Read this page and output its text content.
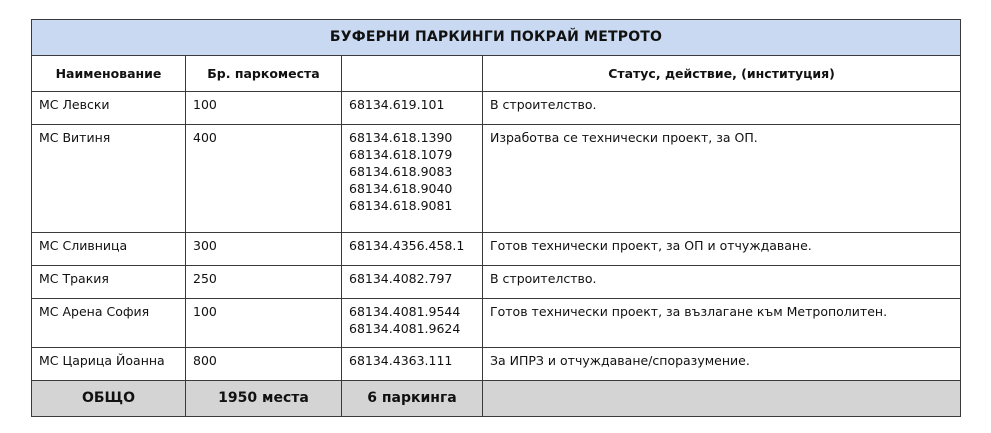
БУФЕРНИ ПАРКИНГИ ПОКРАЙ МЕТРОТО			
Наименование	Бр. паркоместа		Статус, действие, (институция)
МС Левски	100	68134.619.101	В строителство.
МС Витиня	400	68134.618.1390
68134.618.1079
68134.618.9083
68134.618.9040
68134.618.9081	Изработва се технически проект, за ОП.
МС Сливница	300	68134.4356.458.1	Готов технически проект, за ОП и отчуждаване.
МС Тракия	250	68134.4082.797	В строителство.
МС Арена София	100	68134.4081.9544
68134.4081.9624	Готов технически проект, за възлагане към Метрополитен.
МС Царица Йоанна	800	68134.4363.111	За ИПРЗ и отчуждаване/споразумение.
ОБЩО	1950 места	6 паркинга	
